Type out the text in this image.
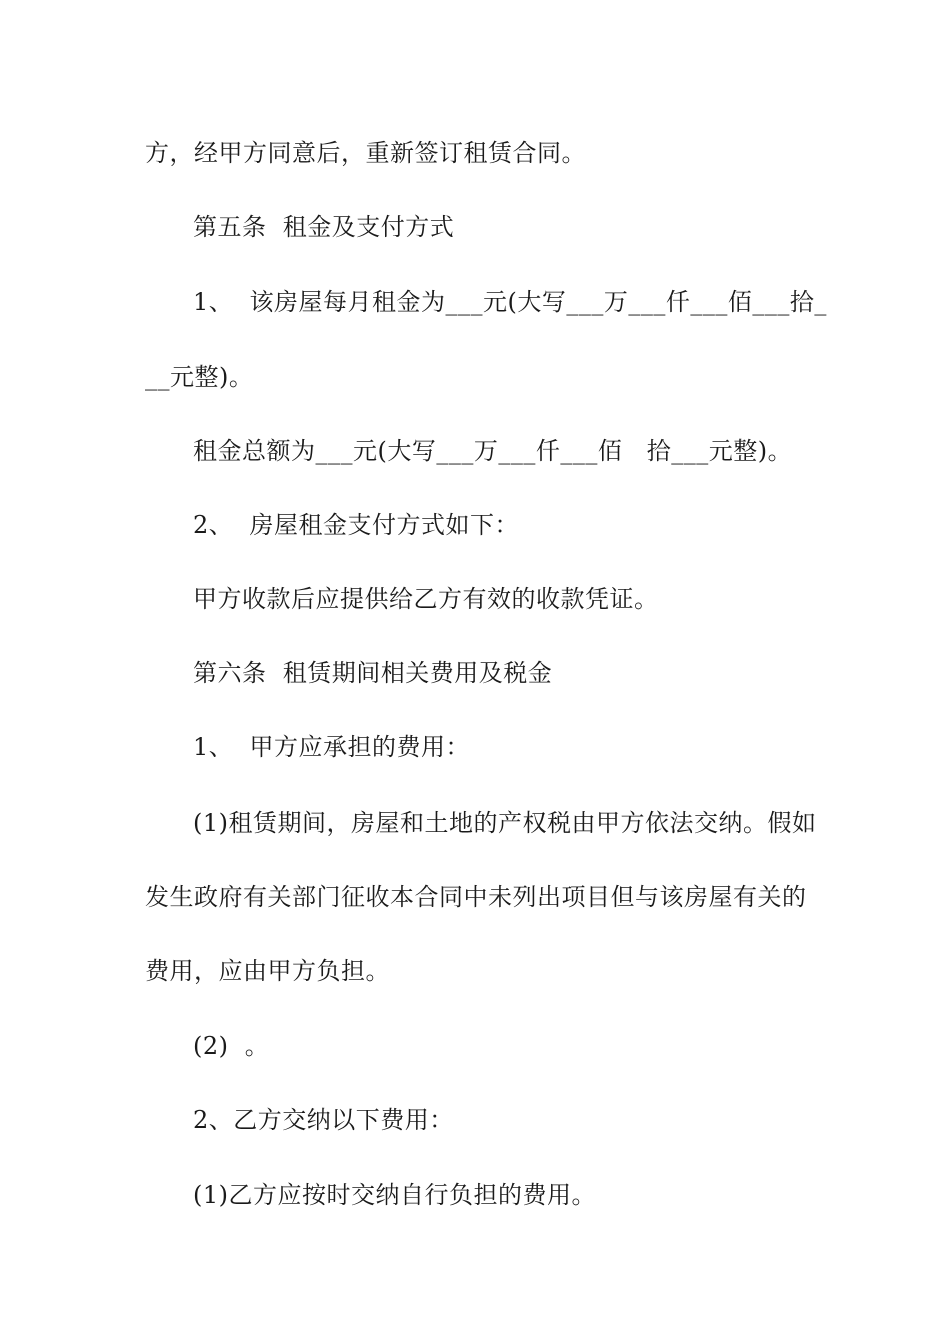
方，经甲方同意后，重新签订租赁合同。
第五条  租金及支付方式
1、  该房屋每月租金为___元(大写___万___仟___佰___拾_
__元整)。
租金总额为___元(大写___万___仟___佰   拾___元整)。
2、  房屋租金支付方式如下：
甲方收款后应提供给乙方有效的收款凭证。
第六条  租赁期间相关费用及税金
1、  甲方应承担的费用：
(1)租赁期间，房屋和土地的产权税由甲方依法交纳。假如
发生政府有关部门征收本合同中未列出项目但与该房屋有关的
费用，应由甲方负担。
(2)  。
2、乙方交纳以下费用：
(1)乙方应按时交纳自行负担的费用。
